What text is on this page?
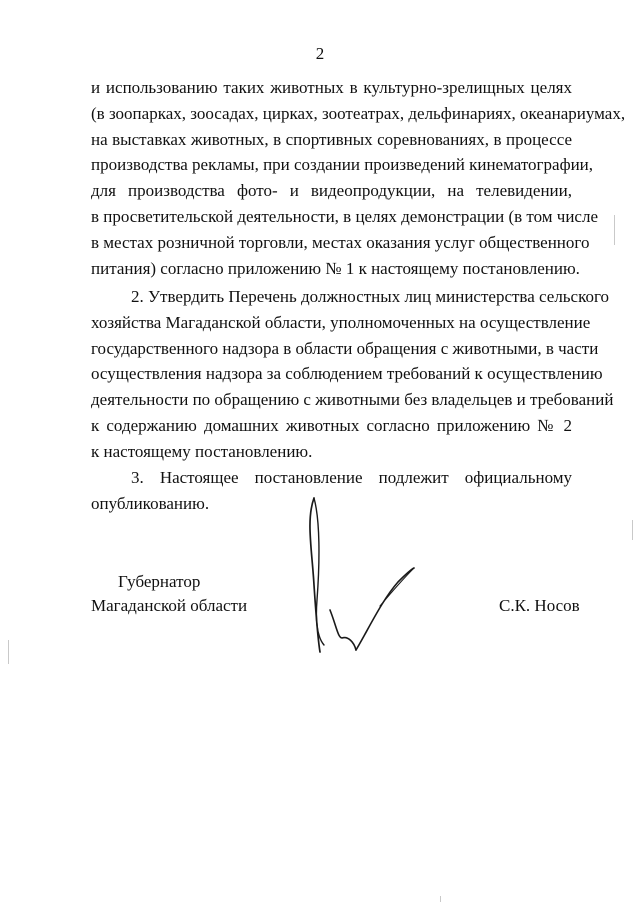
2
и использованию таких животных в культурно-зрелищных целях
(в зоопарках, зоосадах, цирках, зоотеатрах, дельфинариях, океанариумах,
на выставках животных, в спортивных соревнованиях, в процессе
производства рекламы, при создании произведений кинематографии,
для производства фото- и видеопродукции, на телевидении,
в просветительской деятельности, в целях демонстрации (в том числе
в местах розничной торговли, местах оказания услуг общественного
питания) согласно приложению № 1 к настоящему постановлению.
2. Утвердить Перечень должностных лиц министерства сельского
хозяйства Магаданской области, уполномоченных на осуществление
государственного надзора в области обращения с животными, в части
осуществления надзора за соблюдением требований к осуществлению
деятельности по обращению с животными без владельцев и требований
к содержанию домашних животных согласно приложению № 2
к настоящему постановлению.
3. Настоящее постановление подлежит официальному
опубликованию.
Губернатор
Магаданской области	С.К. Носов
